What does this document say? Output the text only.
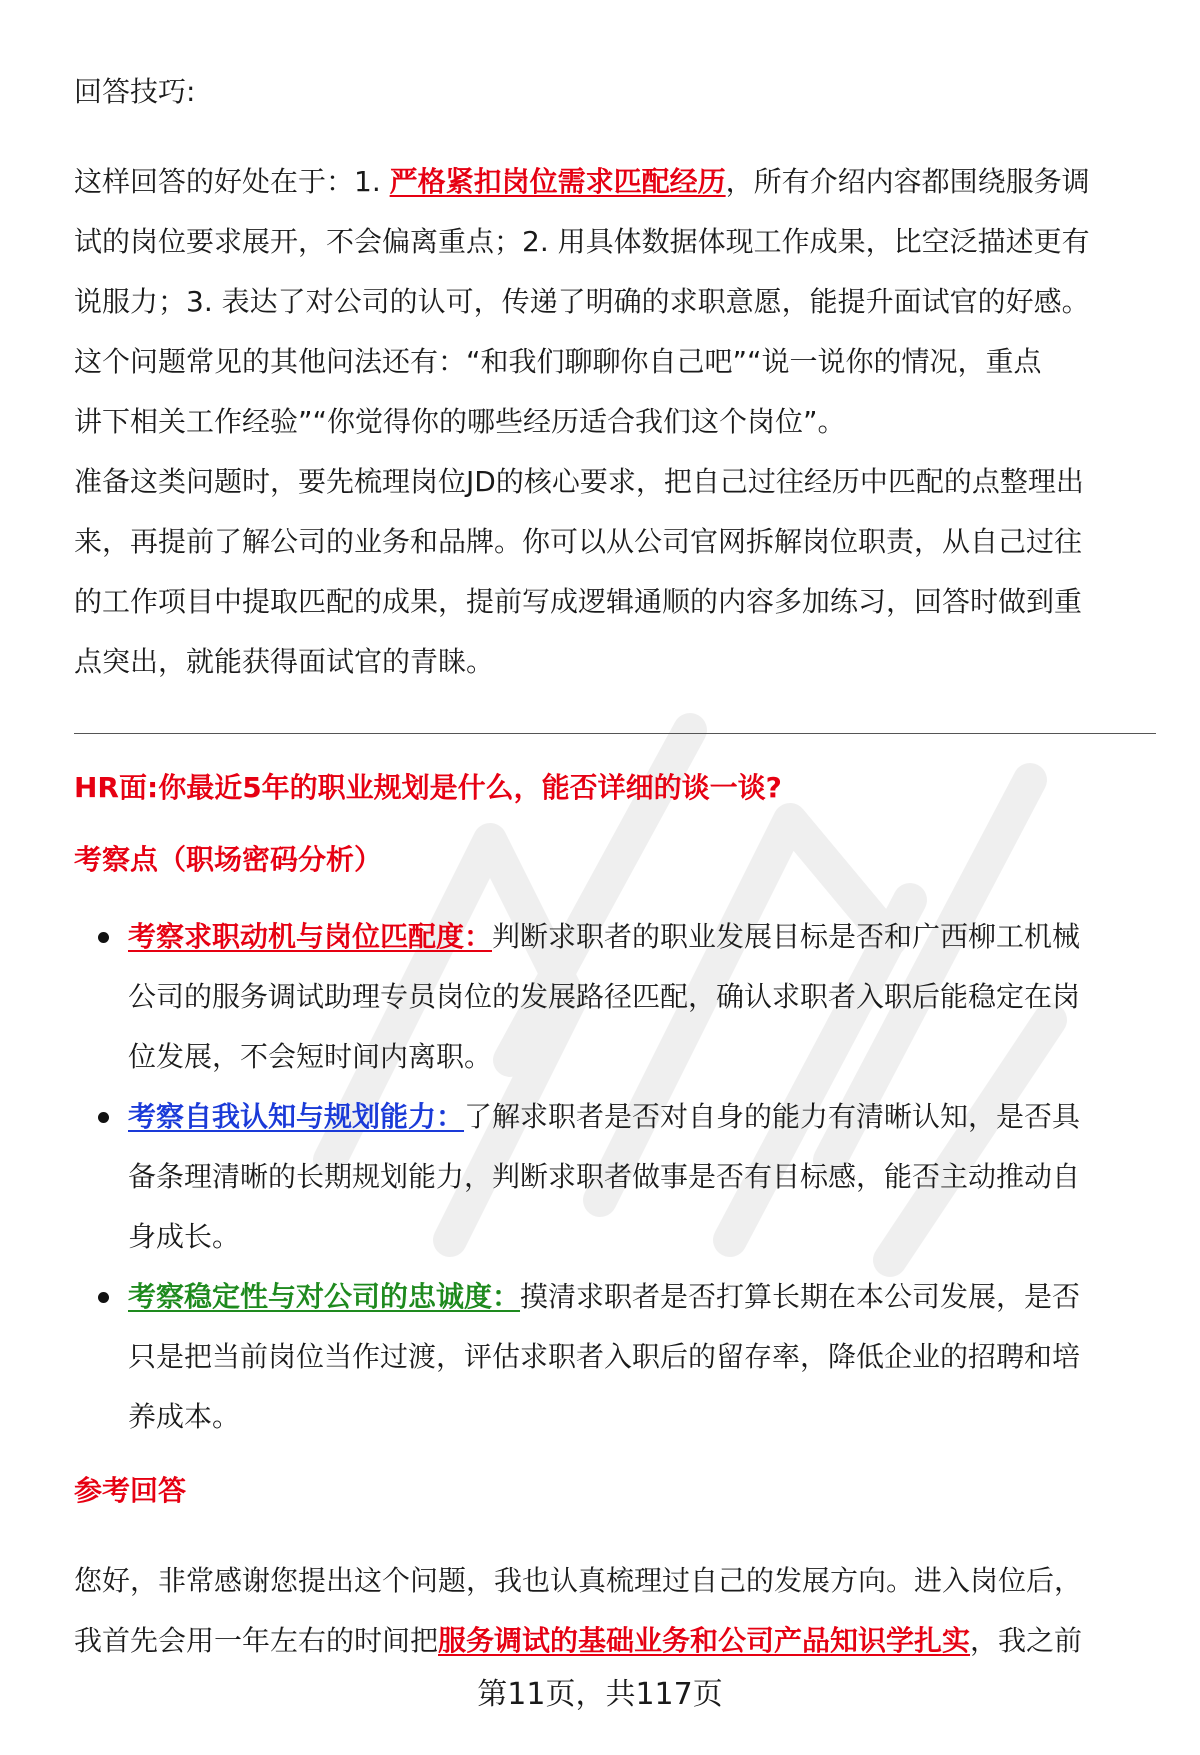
回答技巧:

这样回答的好处在于：1. 严格紧扣岗位需求匹配经历，所有介绍内容都围绕服务调

试的岗位要求展开，不会偏离重点；2. 用具体数据体现工作成果，比空泛描述更有

说服力；3. 表达了对公司的认可，传递了明确的求职意愿，能提升面试官的好感。

这个问题常见的其他问法还有：“和我们聊聊你自己吧”“说一说你的情况，重点

讲下相关工作经验”“你觉得你的哪些经历适合我们这个岗位”。

准备这类问题时，要先梳理岗位JD的核心要求，把自己过往经历中匹配的点整理出

来，再提前了解公司的业务和品牌。你可以从公司官网拆解岗位职责，从自己过往

的工作项目中提取匹配的成果，提前写成逻辑通顺的内容多加练习，回答时做到重

点突出，就能获得面试官的青睐。

HR面:你最近5年的职业规划是什么，能否详细的谈一谈?

考察点（职场密码分析）

考察求职动机与岗位匹配度：判断求职者的职业发展目标是否和广西柳工机械

公司的服务调试助理专员岗位的发展路径匹配，确认求职者入职后能稳定在岗

位发展，不会短时间内离职。

考察自我认知与规划能力：了解求职者是否对自身的能力有清晰认知，是否具

备条理清晰的长期规划能力，判断求职者做事是否有目标感，能否主动推动自

身成长。

考察稳定性与对公司的忠诚度：摸清求职者是否打算长期在本公司发展，是否

只是把当前岗位当作过渡，评估求职者入职后的留存率，降低企业的招聘和培

养成本。

参考回答

您好，非常感谢您提出这个问题，我也认真梳理过自己的发展方向。进入岗位后，

我首先会用一年左右的时间把服务调试的基础业务和公司产品知识学扎实，我之前

第11页，共117页
